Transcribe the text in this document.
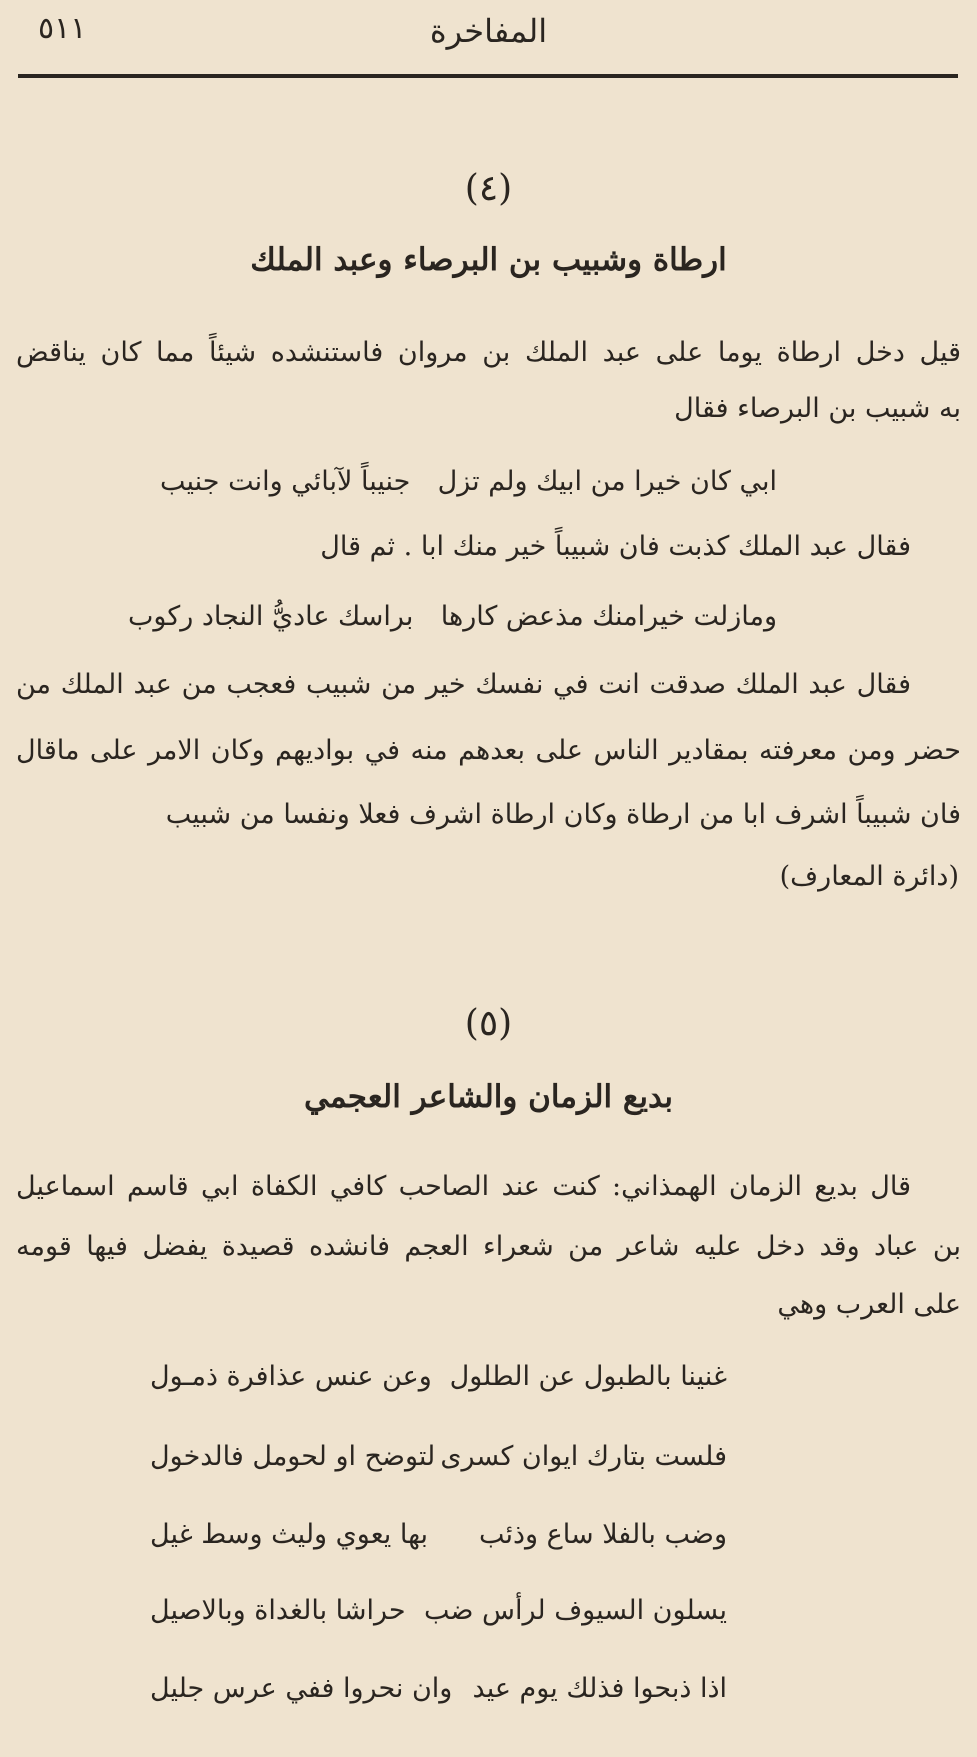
٥١١	المفاخرة
(٤)
ارطاة وشبيب بن البرصاء وعبد الملك
قيل دخل ارطاة يوما على عبد الملك بن مروان فاستنشده شيئاً مما كان يناقض
به شبيب بن البرصاء فقال
ابي كان خيرا من ابيك ولم تزل
جنيباً لآبائي وانت جنيب
فقال عبد الملك كذبت فان شبيباً خير منك ابا . ثم قال
ومازلت خيرامنك مذعض كارها
براسك عاديُّ النجاد ركوب
فقال عبد الملك صدقت انت في نفسك خير من شبيب فعجب من عبد الملك من
حضر ومن معرفته بمقادير الناس على بعدهم منه في بواديهم وكان الامر على ماقال
فان شبيباً اشرف ابا من ارطاة وكان ارطاة اشرف فعلا ونفسا من شبيب
(دائرة المعارف)
(٥)
بديع الزمان والشاعر العجمي
قال بديع الزمان الهمذاني: كنت عند الصاحب كافي الكفاة ابي قاسم اسماعيل
بن عباد وقد دخل عليه شاعر من شعراء العجم فانشده قصيدة يفضل فيها قومه
على العرب وهي
غنينا بالطبول عن الطلول
وعن عنس عذافرة ذمـول
فلست بتارك ايوان كسرى
لتوضح او لحومل فالدخول
وضب بالفلا ساع وذئب
بها يعوي وليث وسط غيل
يسلون السيوف لرأس ضب
حراشا بالغداة وبالاصيل
اذا ذبحوا فذلك يوم عيد
وان نحروا ففي عرس جليل
